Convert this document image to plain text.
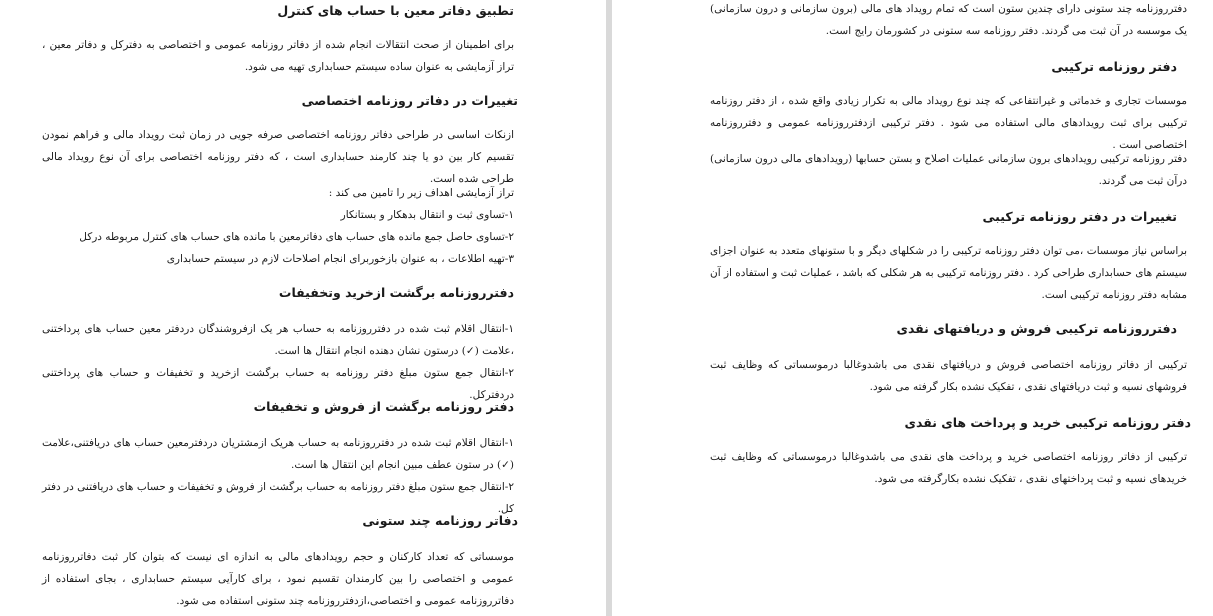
تطبیق دفاتر معین با حساب های کنترل

برای اطمینان از صحت انتقالات انجام شده از دفاتر روزنامه عمومی و اختصاصی به دفترکل و دفاتر معین ، تراز آزمایشی به عنوان ساده سیستم حسابداری تهیه می شود.

تغییرات در دفاتر روزنامه اختصاصی

ازنکات اساسی در طراحی دفاتر روزنامه اختصاصی صرفه جویی در زمان ثبت رویداد مالی و فراهم نمودن تقسیم کار بین دو یا چند کارمند حسابداری است ، که دفتر روزنامه اختصاصی برای آن نوع رویداد مالی طراحی شده است.

تراز آزمایشی اهداف زیر را تامین می کند :

۱-تساوی ثبت و انتقال بدهکار و بستانکار
۲-تساوی حاصل جمع مانده های حساب های دفاترمعین با مانده های حساب های کنترل مربوطه درکل
۳-تهیه اطلاعات ، به عنوان بازخوربرای انجام اصلاحات لازم در سیستم حسابداری
دفترروزنامه برگشت ازخرید وتخفیفات
۱-انتقال اقلام ثبت شده در دفترروزنامه به حساب هر یک ازفروشندگان دردفتر معین حساب های پرداختنی ،علامت (✓) درستون نشان دهنده انجام انتقال ها است.
۲-انتقال جمع ستون مبلغ دفتر روزنامه به حساب برگشت ازخرید و تخفیفات و حساب های پرداختنی دردفترکل.
دفتر روزنامه برگشت از فروش و تخفیفات
۱-انتقال اقلام ثبت شده در دفترروزنامه به حساب هریک ازمشتریان دردفترمعین حساب های دریافتنی،علامت (✓) در ستون عطف مبین انجام این انتقال ها است.
۲-انتقال جمع ستون مبلغ دفتر روزنامه به حساب برگشت از فروش و تخفیفات و حساب های دریافتنی در دفتر کل.
دفاتر روزنامه چند ستونی

موسساتی که تعداد کارکنان و حجم رویدادهای مالی به اندازه ای نیست که بتوان کار ثبت دفاترروزنامه عمومی و اختصاصی را بین کارمندان تقسیم نمود ، برای کارآیی سیستم حسابداری ، بجای استفاده از دفاترروزنامه عمومی و اختصاصی،ازدفترروزنامه چند ستونی استفاده می شود.

دفترروزنامه چند ستونی دارای چندین ستون است که تمام رویداد های مالی (برون سازمانی و درون سازمانی) یک موسسه در آن ثبت می گردند. دفتر روزنامه سه ستونی در کشورمان رایج است.

دفتر روزنامه ترکیبی

موسسات تجاری و خدماتی و غیرانتفاعی که چند نوع رویداد مالی به تکرار زیادی واقع شده ، از دفتر روزنامه ترکیبی برای ثبت رویدادهای مالی استفاده می شود . دفتر ترکیبی ازدفترروزنامه عمومی و دفترروزنامه اختصاصی است .

دفتر روزنامه ترکیبی رویدادهای برون سازمانی عملیات اصلاح و بستن حسابها (رویدادهای مالی درون سازمانی) درآن ثبت می گردند.

تغییرات در دفتر روزنامه ترکیبی

براساس نیاز موسسات ،می توان دفتر روزنامه ترکیبی را در شکلهای دیگر و با ستونهای متعدد به عنوان اجزای سیستم های حسابداری طراحی کرد . دفتر روزنامه ترکیبی به هر شکلی که باشد ، عملیات ثبت و استفاده از آن مشابه دفتر روزنامه ترکیبی است.

دفترروزنامه ترکیبی فروش و دریافتهای نقدی

ترکیبی از دفاتر روزنامه اختصاصی فروش و دریافتهای نقدی می باشدوغالبا درموسساتی که وظایف ثبت فروشهای نسیه و ثبت دریافتهای نقدی ، تفکیک نشده بکار گرفته می شود.

دفتر روزنامه ترکیبی خرید و پرداخت های نقدی

ترکیبی از دفاتر روزنامه اختصاصی خرید و پرداخت های نقدی می باشدوغالبا درموسساتی که وظایف ثبت خریدهای نسیه و ثبت پرداختهای نقدی ، تفکیک نشده بکارگرفته می شود.
